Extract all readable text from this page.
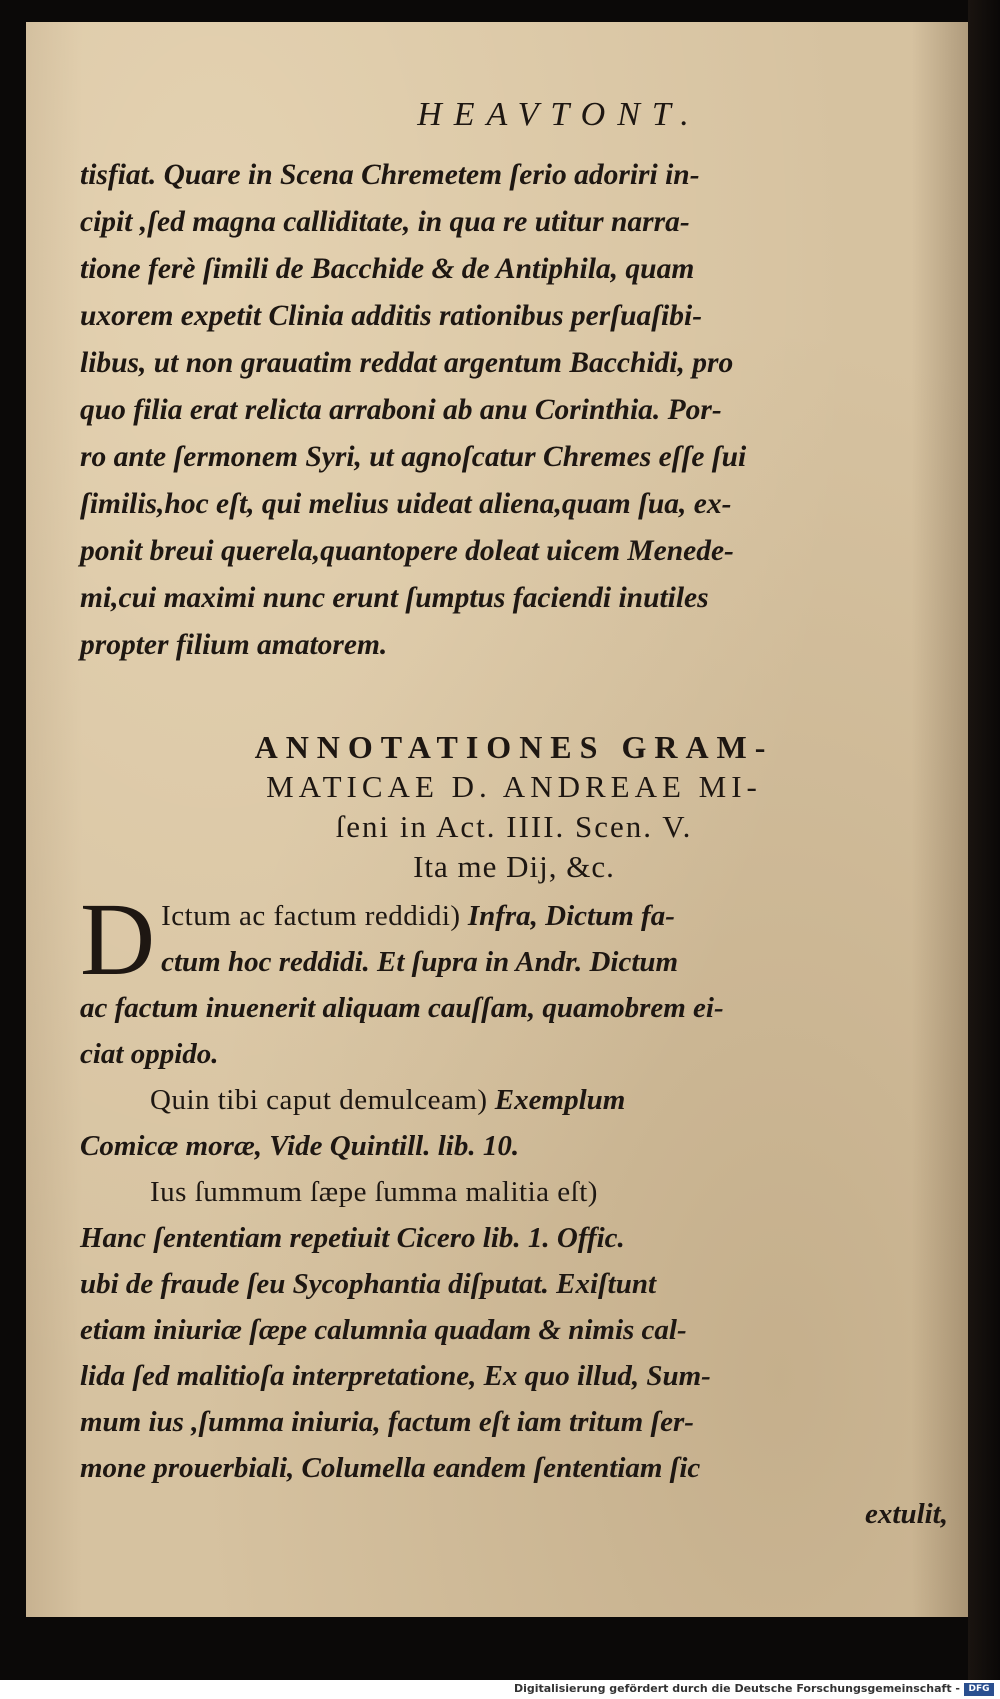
HEAVTONT.
tisfiat. Quare in Scena Chremetem ſerio adoriri in-
cipit ,ſed magna calliditate, in qua re utitur narra-
tione ferè ſimili de Bacchide & de Antiphila, quam
uxorem expetit Clinia additis rationibus perſuaſibi-
libus, ut non grauatim reddat argentum Bacchidi, pro
quo filia erat relicta arraboni ab anu Corinthia. Por-
ro ante ſermonem Syri, ut agnoſcatur Chremes eſſe ſui
ſimilis,hoc eſt, qui melius uideat aliena,quam ſua, ex-
ponit breui querela,quantopere doleat uicem Menede-
mi,cui maximi nunc erunt ſumptus faciendi inutiles
propter filium amatorem.
ANNOTATIONES GRAM-
MATICAE D. ANDREAE MI-
ſeni in Act. IIII. Scen. V.
Ita me Dij, &c.
D Ictum ac factum reddidi) Infra, Dictum fa-
ctum hoc reddidi. Et ſupra in Andr. Dictum
ac factum inuenerit aliquam cauſſam, quamobrem ei-
ciat oppido.
Quin tibi caput demulceam) Exemplum
Comicæ moræ, Vide Quintill. lib. 10.
Ius ſummum ſæpe ſumma malitia eſt)
Hanc ſententiam repetiuit Cicero lib. 1. Offic.
ubi de fraude ſeu Sycophantia diſputat. Exiſtunt
etiam iniuriæ ſæpe calumnia quadam & nimis cal-
lida ſed malitioſa interpretatione, Ex quo illud, Sum-
mum ius ,ſumma iniuria, factum eſt iam tritum ſer-
mone prouerbiali, Columella eandem ſententiam ſic
extulit,
Digitalisierung gefördert durch die Deutsche Forschungsgemeinschaft - DFG
